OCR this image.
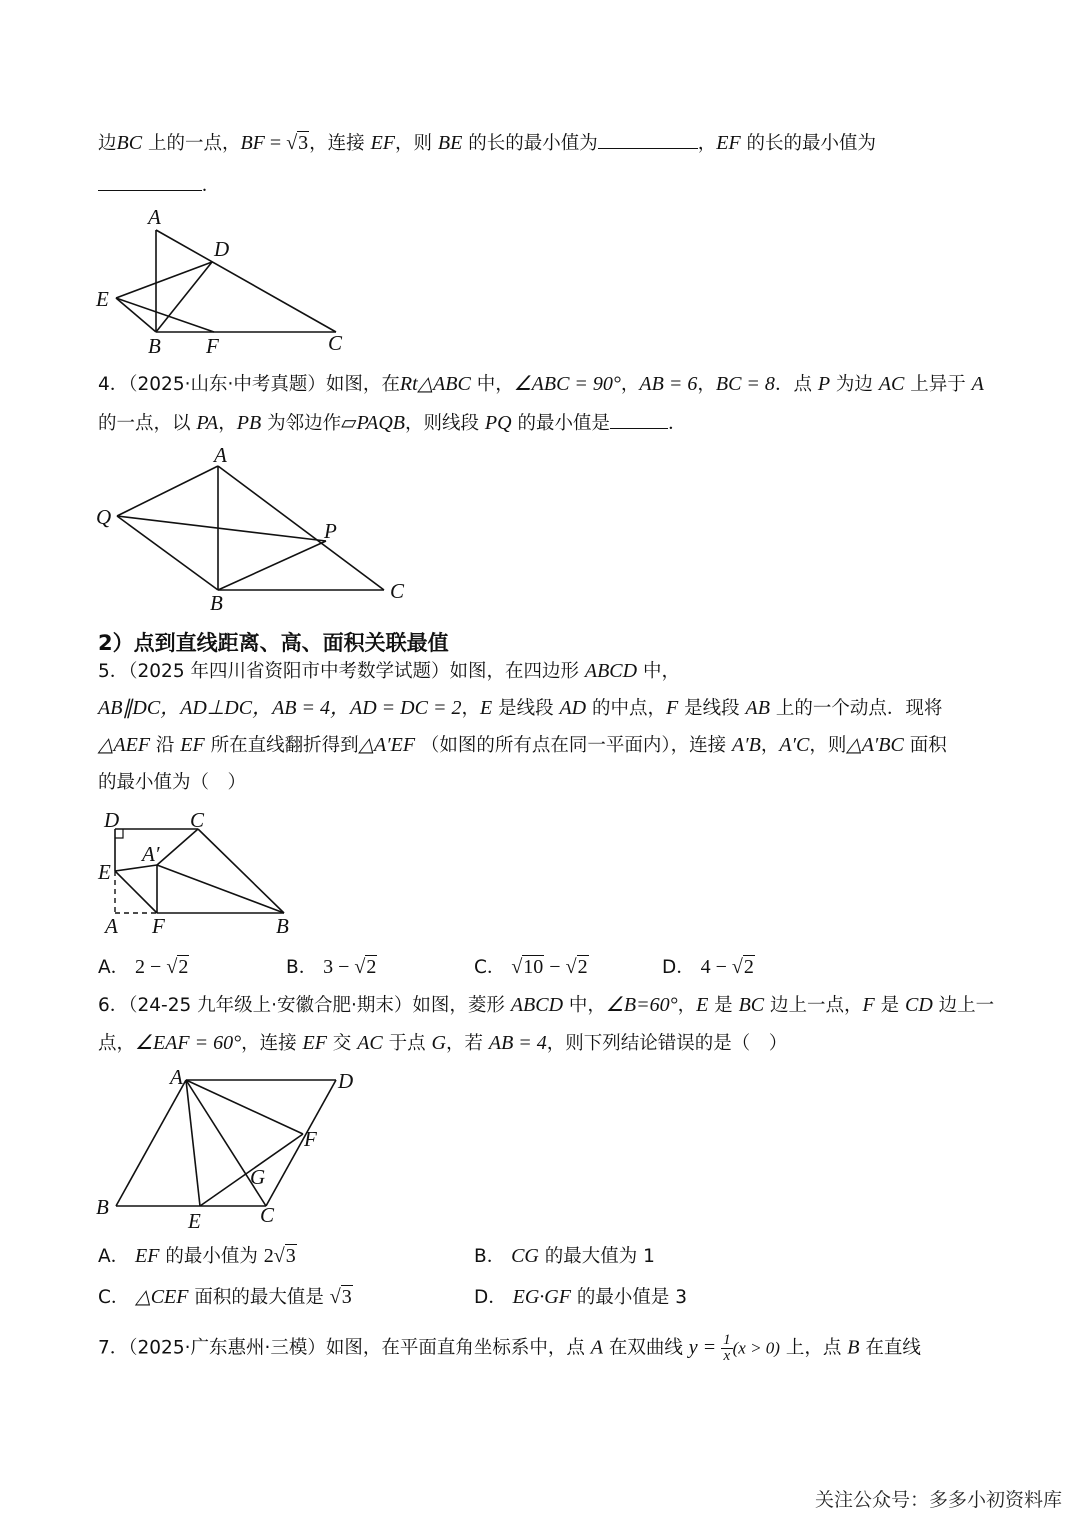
边BC 上的一点，BF = √3，连接 EF，则 BE 的长的最小值为	，EF 的长的最小值为
.
A
D
E
B F	C
4．（2025·山东·中考真题）如图，在Rt△ABC 中，∠ABC = 90°，AB = 6，BC = 8．点 P 为边 AC 上异于 A
的一点，以 PA，PB 为邻边作▱PAQB，则线段 PQ 的最小值是	．
A
Q
P
B	C
2）点到直线距离、高、面积关联最值
5．（2025 年四川省资阳市中考数学试题）如图，在四边形 ABCD 中，
AB∥DC，AD⊥DC，AB = 4，AD = DC = 2，E 是线段 AD 的中点，F 是线段 AB 上的一个动点．现将
△AEF 沿 EF 所在直线翻折得到△A′EF （如图的所有点在同一平面内），连接 A′B，A′C，则△A′BC 面积
的最小值为（　）
D	C
A′
E
A F	B
A． 2 − √2	B． 3 − √2	C． √10 − √2	D． 4 − √2
6．（24-25 九年级上·安徽合肥·期末）如图，菱形 ABCD 中，∠B=60°，E 是 BC 边上一点，F 是 CD 边上一
点，∠EAF = 60°，连接 EF 交 AC 于点 G，若 AB = 4，则下列结论错误的是（　）
A	D
F
G
B
E	C
A． EF 的最小值为 2√3	B． CG 的最大值为 1
C． △CEF 面积的最大值是 √3	D． EG·GF 的最小值是 3
7．（2025·广东惠州·三模）如图，在平面直角坐标系中，点 A 在双曲线 $y = \frac{1}{x} (x > 0)$ 上，点 B 在直线
关注公众号：多多小初资料库
